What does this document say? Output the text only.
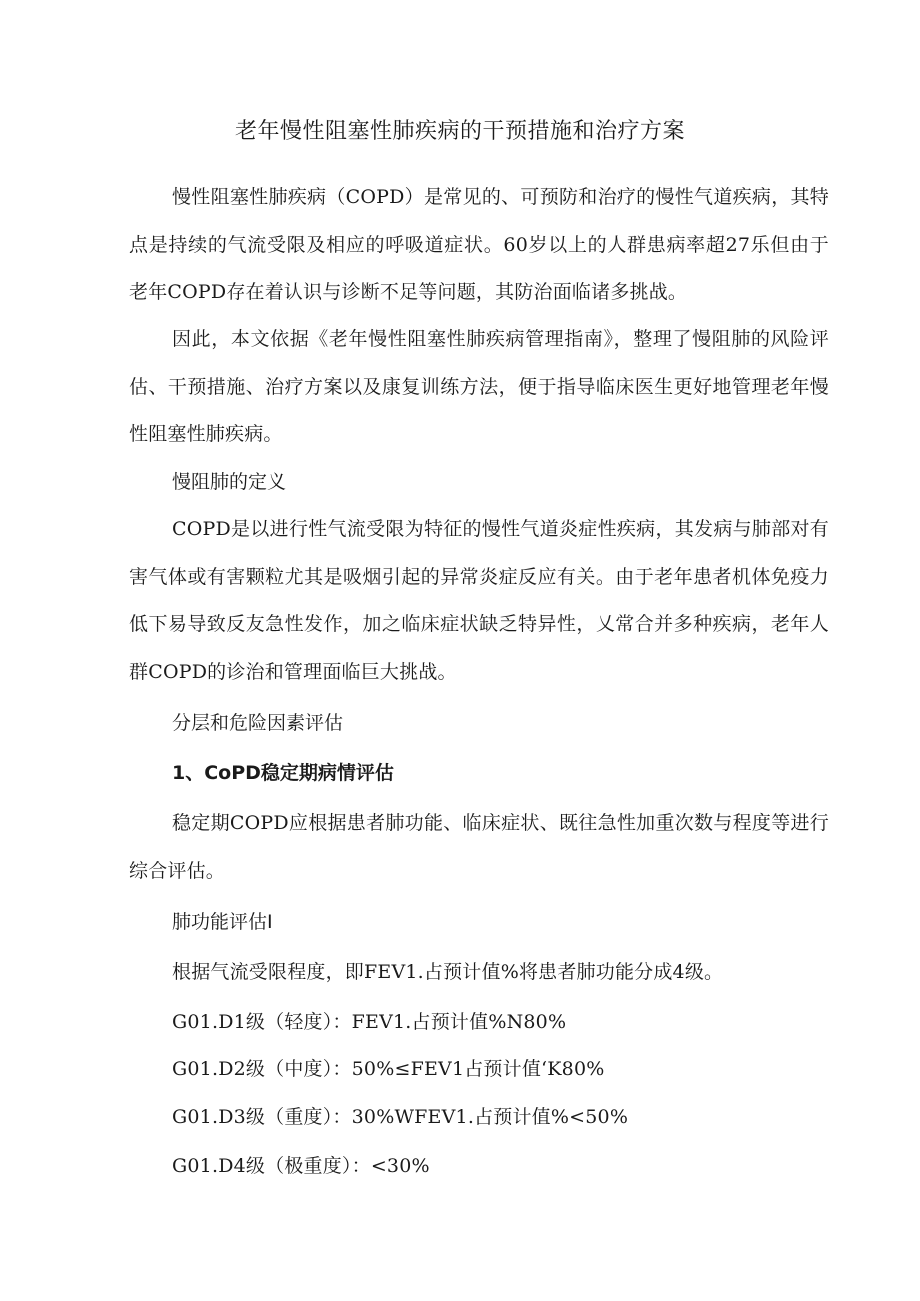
老年慢性阻塞性肺疾病的干预措施和治疗方案

慢性阻塞性肺疾病（COPD）是常见的、可预防和治疗的慢性气道疾病，其特点是持续的气流受限及相应的呼吸道症状。60岁以上的人群患病率超27乐但由于老年COPD存在着认识与诊断不足等问题，其防治面临诸多挑战。

因此，本文依据《老年慢性阻塞性肺疾病管理指南》，整理了慢阻肺的风险评估、干预措施、治疗方案以及康复训练方法，便于指导临床医生更好地管理老年慢性阻塞性肺疾病。

慢阻肺的定义

COPD是以进行性气流受限为特征的慢性气道炎症性疾病，其发病与肺部对有害气体或有害颗粒尤其是吸烟引起的异常炎症反应有关。由于老年患者机体免疫力低下易导致反友急性发作，加之临床症状缺乏特异性，乂常合并多种疾病，老年人群COPD的诊治和管理面临巨大挑战。

分层和危险因素评估
1、CoPD稳定期病情评估

稳定期COPD应根据患者肺功能、临床症状、既往急性加重次数与程度等进行综合评估。

肺功能评估I
根据气流受限程度，即FEV1.占预计值%将患者肺功能分成4级。
G01.D1级（轻度）：FEV1.占预计值%N80%
G01.D2级（中度）：50%≤FEV1占预计值‘K80%
G01.D3级（重度）：30%WFEV1.占预计值%<50%
G01.D4级（极重度）：<30%
